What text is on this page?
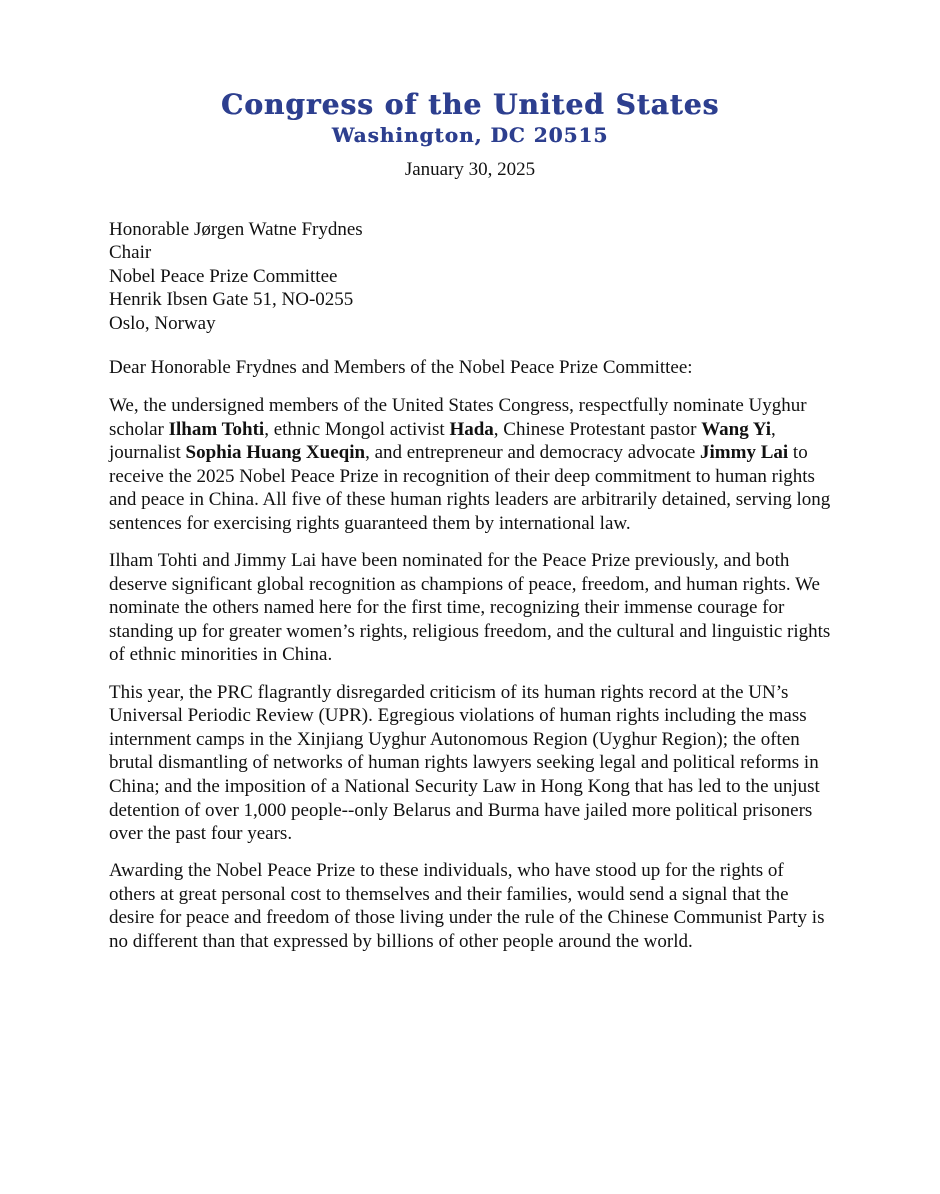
Congress of the United States
Washington, DC 20515
January 30, 2025
Honorable Jørgen Watne Frydnes
Chair
Nobel Peace Prize Committee
Henrik Ibsen Gate 51, NO-0255
Oslo, Norway
Dear Honorable Frydnes and Members of the Nobel Peace Prize Committee:

We, the undersigned members of the United States Congress, respectfully nominate Uyghur scholar Ilham Tohti, ethnic Mongol activist Hada, Chinese Protestant pastor Wang Yi, journalist Sophia Huang Xueqin, and entrepreneur and democracy advocate Jimmy Lai to receive the 2025 Nobel Peace Prize in recognition of their deep commitment to human rights and peace in China. All five of these human rights leaders are arbitrarily detained, serving long sentences for exercising rights guaranteed them by international law.

Ilham Tohti and Jimmy Lai have been nominated for the Peace Prize previously, and both deserve significant global recognition as champions of peace, freedom, and human rights. We nominate the others named here for the first time, recognizing their immense courage for standing up for greater women’s rights, religious freedom, and the cultural and linguistic rights of ethnic minorities in China.

This year, the PRC flagrantly disregarded criticism of its human rights record at the UN’s Universal Periodic Review (UPR). Egregious violations of human rights including the mass internment camps in the Xinjiang Uyghur Autonomous Region (Uyghur Region); the often brutal dismantling of networks of human rights lawyers seeking legal and political reforms in China; and the imposition of a National Security Law in Hong Kong that has led to the unjust detention of over 1,000 people--only Belarus and Burma have jailed more political prisoners over the past four years.

Awarding the Nobel Peace Prize to these individuals, who have stood up for the rights of others at great personal cost to themselves and their families, would send a signal that the desire for peace and freedom of those living under the rule of the Chinese Communist Party is no different than that expressed by billions of other people around the world.
